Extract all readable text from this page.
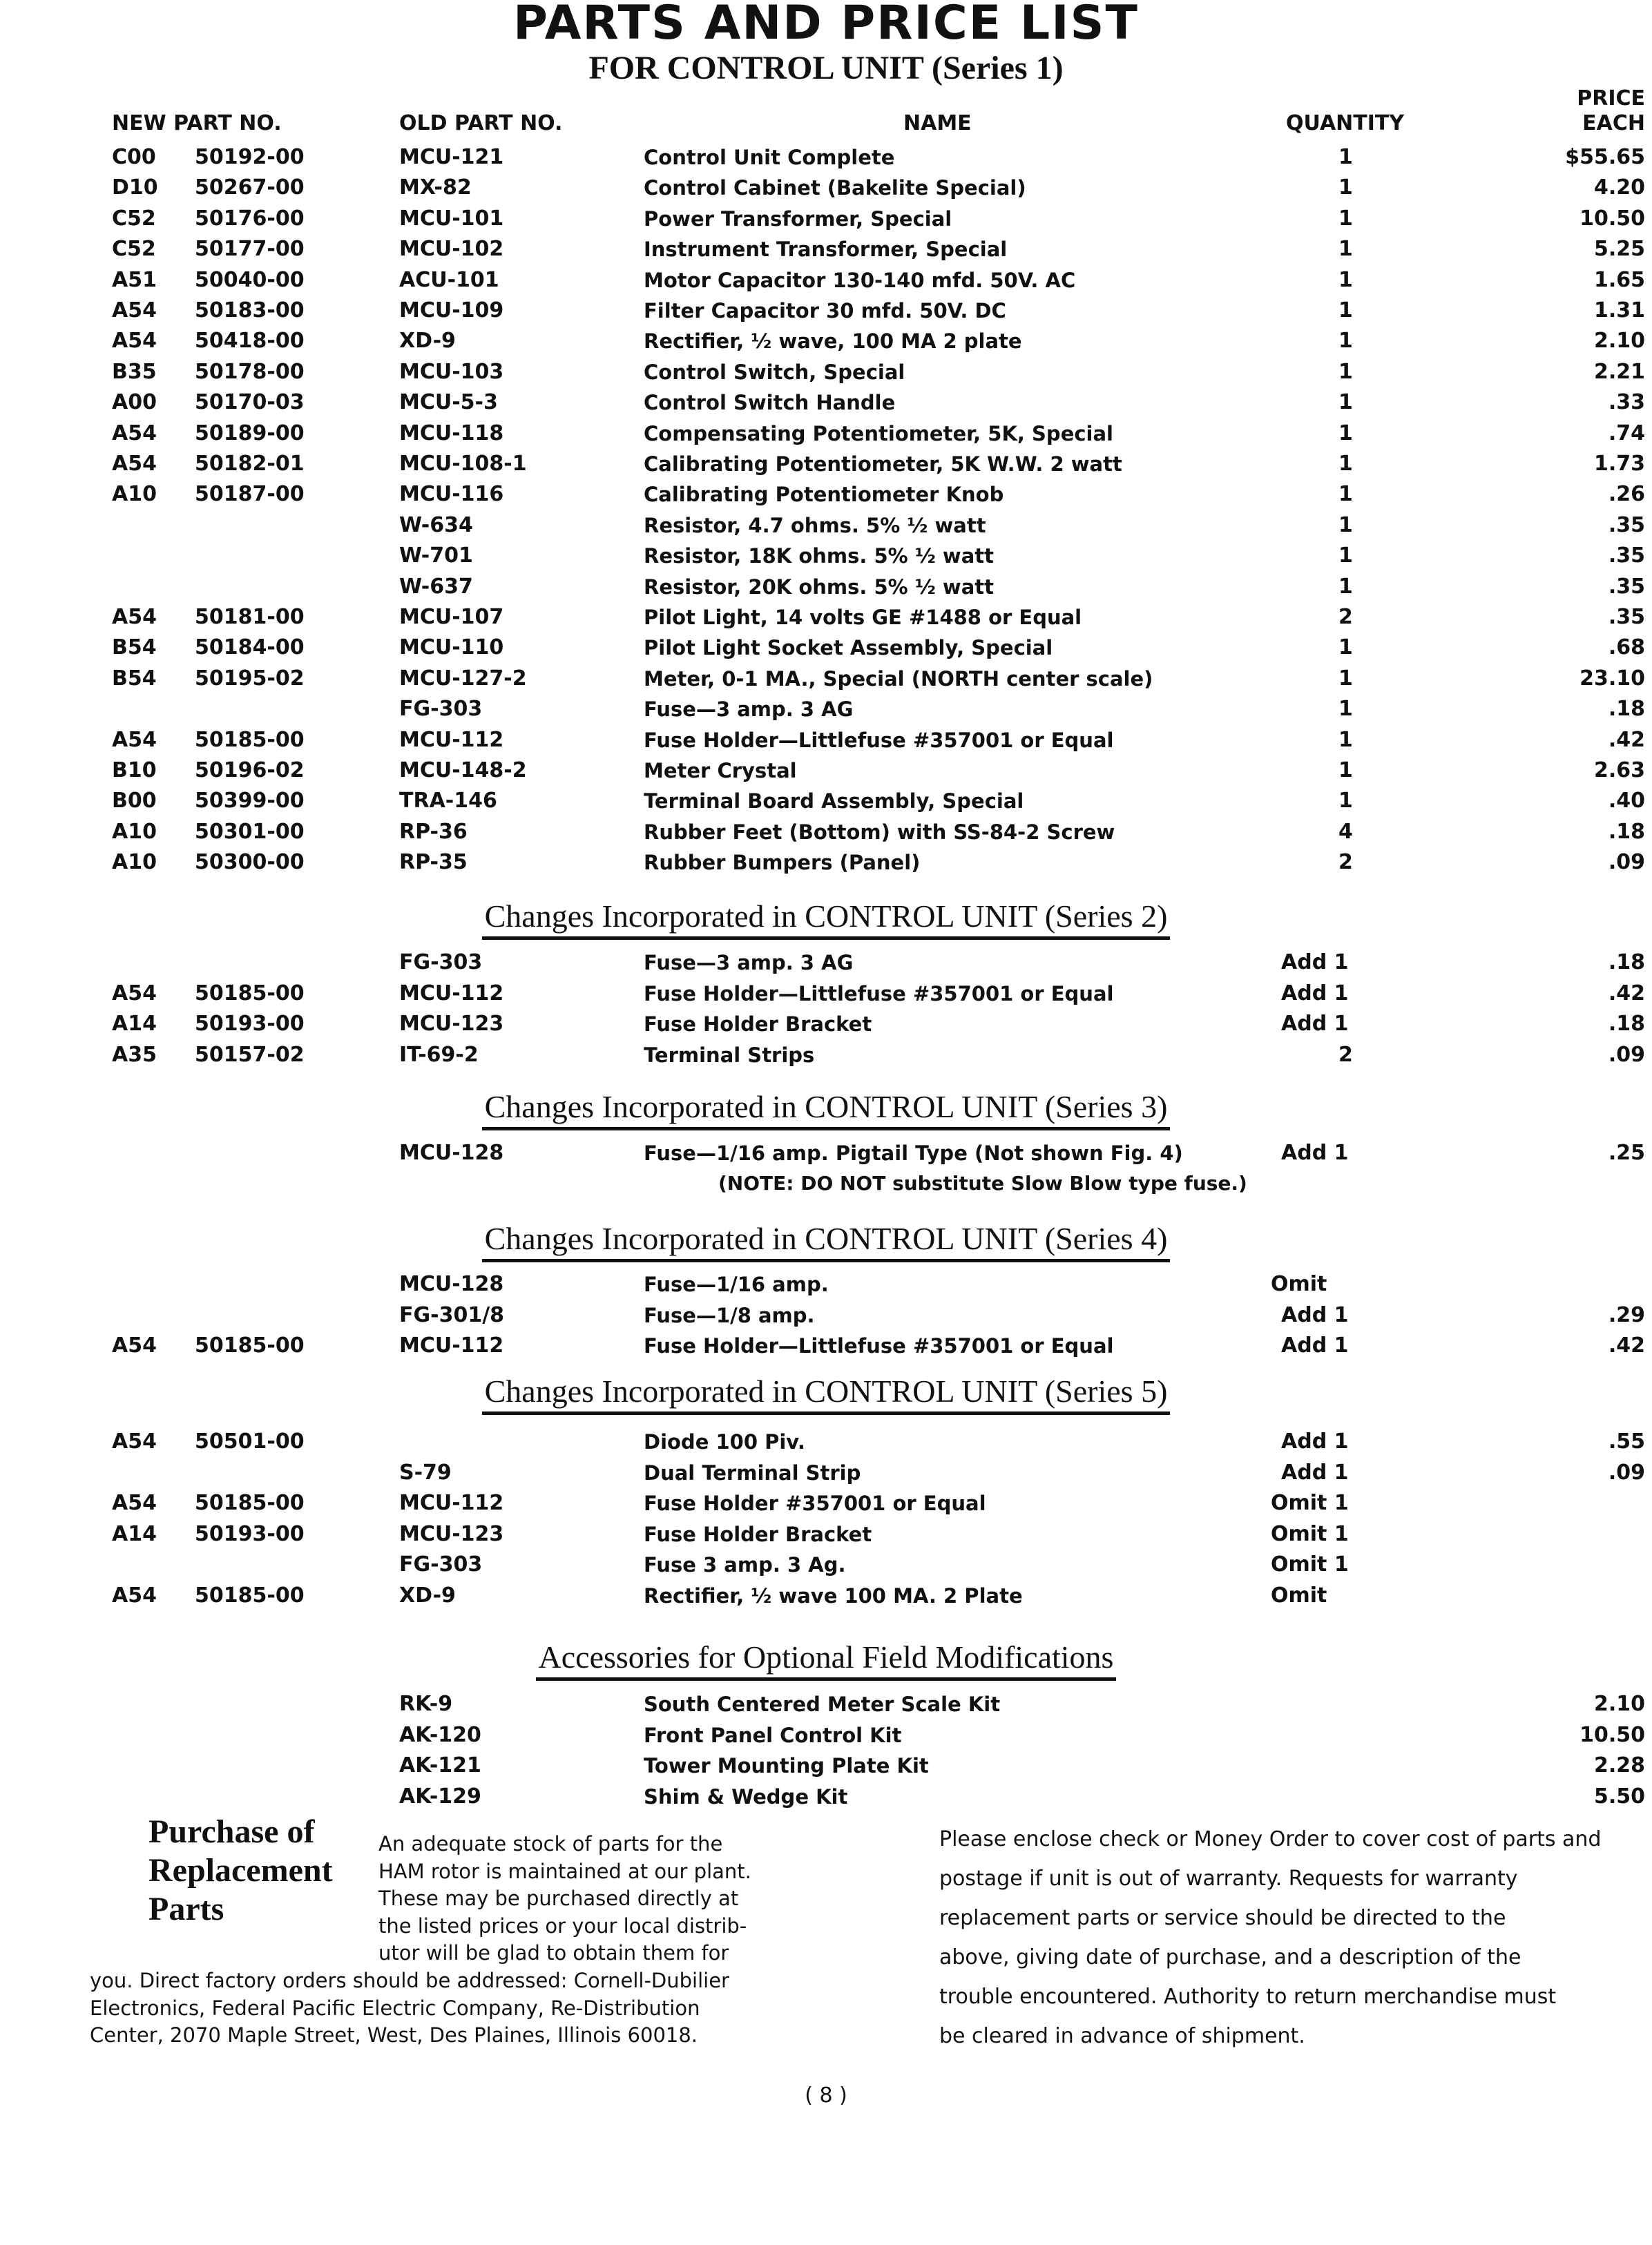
PARTS AND PRICE LIST
FOR CONTROL UNIT (Series 1)
NEW PART NO.	OLD PART NO.	NAME	QUANTITY
PRICE
EACH
C00 50192-00	MCU-121	Control Unit Complete	1	$55.65
D10 50267-00	MX-82	Control Cabinet (Bakelite Special)	1	4.20
C52 50176-00	MCU-101	Power Transformer, Special	1	10.50
C52 50177-00	MCU-102	Instrument Transformer, Special	1	5.25
A51 50040-00	ACU-101	Motor Capacitor 130-140 mfd. 50V. AC	1	1.65
A54 50183-00	MCU-109	Filter Capacitor 30 mfd. 50V. DC	1	1.31
A54 50418-00	XD-9	Rectifier, ½ wave, 100 MA 2 plate	1	2.10
B35 50178-00	MCU-103	Control Switch, Special	1	2.21
A00 50170-03	MCU-5-3	Control Switch Handle	1	.33
A54 50189-00	MCU-118	Compensating Potentiometer, 5K, Special	1	.74
A54 50182-01	MCU-108-1	Calibrating Potentiometer, 5K W.W. 2 watt	1	1.73
A10 50187-00	MCU-116	Calibrating Potentiometer Knob	1	.26
W-634	Resistor, 4.7 ohms. 5% ½ watt	1	.35
W-701	Resistor, 18K ohms. 5% ½ watt	1	.35
W-637	Resistor, 20K ohms. 5% ½ watt	1	.35
A54 50181-00	MCU-107	Pilot Light, 14 volts GE #1488 or Equal	2	.35
B54 50184-00	MCU-110	Pilot Light Socket Assembly, Special	1	.68
B54 50195-02	MCU-127-2	Meter, 0-1 MA., Special (NORTH center scale)	1	23.10
FG-303	Fuse—3 amp. 3 AG	1	.18
A54 50185-00	MCU-112	Fuse Holder—Littlefuse #357001 or Equal	1	.42
B10 50196-02	MCU-148-2	Meter Crystal	1	2.63
B00 50399-00	TRA-146	Terminal Board Assembly, Special	1	.40
A10 50301-00	RP-36	Rubber Feet (Bottom) with SS-84-2 Screw	4	.18
A10 50300-00	RP-35	Rubber Bumpers (Panel)	2	.09
Changes Incorporated in CONTROL UNIT (Series 2)
FG-303	Fuse—3 amp. 3 AG	Add 1	.18
A54 50185-00	MCU-112	Fuse Holder—Littlefuse #357001 or Equal	Add 1	.42
A14 50193-00	MCU-123	Fuse Holder Bracket	Add 1	.18
A35 50157-02	IT-69-2	Terminal Strips	2	.09
Changes Incorporated in CONTROL UNIT (Series 3)
MCU-128	Fuse—1/16 amp. Pigtail Type (Not shown Fig. 4)	Add 1	.25
(NOTE: DO NOT substitute Slow Blow type fuse.)
Changes Incorporated in CONTROL UNIT (Series 4)
MCU-128	Fuse—1/16 amp.	Omit
FG-301/8	Fuse—1/8 amp.	Add 1	.29
A54 50185-00	MCU-112	Fuse Holder—Littlefuse #357001 or Equal	Add 1	.42
Changes Incorporated in CONTROL UNIT (Series 5)
A54 50501-00	Diode 100 Piv.	Add 1	.55
S-79	Dual Terminal Strip	Add 1	.09
A54 50185-00	MCU-112	Fuse Holder #357001 or Equal	Omit 1
A14 50193-00	MCU-123	Fuse Holder Bracket	Omit 1
FG-303	Fuse 3 amp. 3 Ag.	Omit 1
A54 50185-00	XD-9	Rectifier, ½ wave 100 MA. 2 Plate	Omit
Accessories for Optional Field Modifications
RK-9	South Centered Meter Scale Kit	2.10
AK-120	Front Panel Control Kit	10.50
AK-121	Tower Mounting Plate Kit	2.28
AK-129	Shim & Wedge Kit	5.50
Purchase of
Replacement
Parts
An adequate stock of parts for the
HAM rotor is maintained at our plant.
These may be purchased directly at
the listed prices or your local distrib-
utor will be glad to obtain them for
you. Direct factory orders should be addressed: Cornell-Dubilier
Electronics, Federal Pacific Electric Company, Re-Distribution
Center, 2070 Maple Street, West, Des Plaines, Illinois 60018.
Please enclose check or Money Order to cover cost of parts and
postage if unit is out of warranty. Requests for warranty
replacement parts or service should be directed to the
above, giving date of purchase, and a description of the
trouble encountered. Authority to return merchandise must
be cleared in advance of shipment.
( 8 )
